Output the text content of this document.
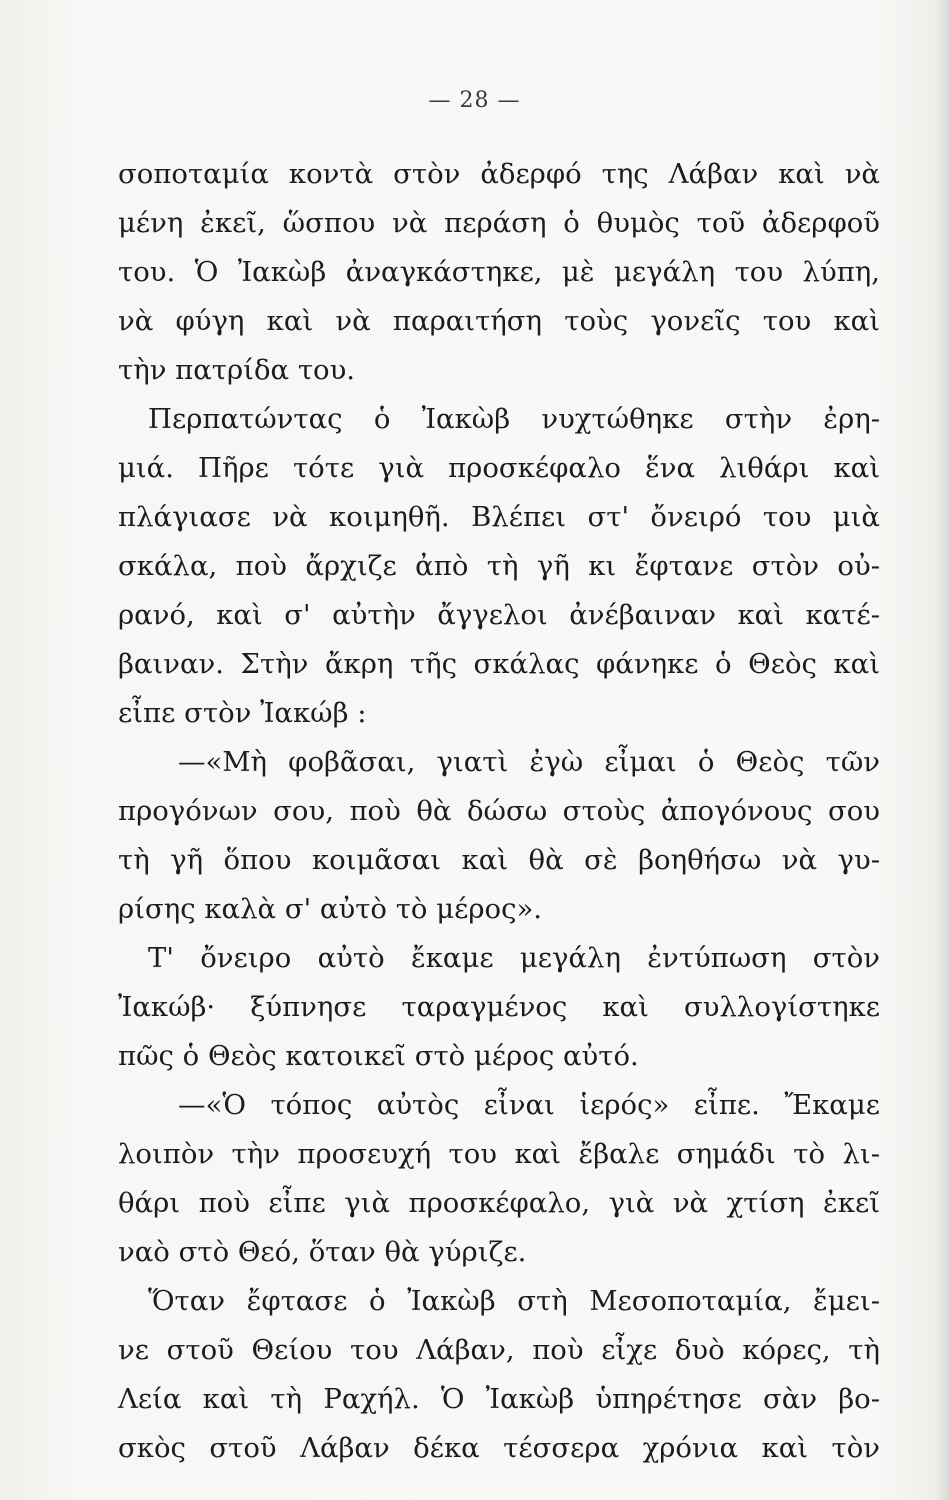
— 28 —
σοποταμία κοντὰ στὸν ἀδερφό της Λάβαν καὶ νὰ
μένη ἐκεῖ, ὥσπου νὰ περάση ὁ θυμὸς τοῦ ἀδερφοῦ
του. Ὁ Ἰακὼβ ἀναγκάστηκε, μὲ μεγάλη του λύπη,
νὰ φύγη καὶ νὰ παραιτήση τοὺς γονεῖς του καὶ
τὴν πατρίδα του.
Περπατώντας ὁ Ἰακὼβ νυχτώθηκε στὴν ἐρη-
μιά. Πῆρε τότε γιὰ προσκέφαλο ἕνα λιθάρι καὶ
πλάγιασε νὰ κοιμηθῆ. Βλέπει στ' ὄνειρό του μιὰ
σκάλα, ποὺ ἄρχιζε ἀπὸ τὴ γῆ κι ἔφτανε στὸν οὐ-
ρανό, καὶ σ' αὐτὴν ἄγγελοι ἀνέβαιναν καὶ κατέ-
βαιναν. Στὴν ἄκρη τῆς σκάλας φάνηκε ὁ Θεὸς καὶ
εἶπε στὸν Ἰακώβ :
—«Μὴ φοβᾶσαι, γιατὶ ἐγὼ εἶμαι ὁ Θεὸς τῶν
προγόνων σου, ποὺ θὰ δώσω στοὺς ἀπογόνους σου
τὴ γῆ ὅπου κοιμᾶσαι καὶ θὰ σὲ βοηθήσω νὰ γυ-
ρίσης καλὰ σ' αὐτὸ τὸ μέρος».
Τ' ὄνειρο αὐτὸ ἔκαμε μεγάλη ἐντύπωση στὸν
Ἰακώβ· ξύπνησε ταραγμένος καὶ συλλογίστηκε
πῶς ὁ Θεὸς κατοικεῖ στὸ μέρος αὐτό.
—«Ὁ τόπος αὐτὸς εἶναι ἱερός» εἶπε. Ἔκαμε
λοιπὸν τὴν προσευχή του καὶ ἔβαλε σημάδι τὸ λι-
θάρι ποὺ εἶπε γιὰ προσκέφαλο, γιὰ νὰ χτίση ἐκεῖ
ναὸ στὸ Θεό, ὅταν θὰ γύριζε.
Ὅταν ἔφτασε ὁ Ἰακὼβ στὴ Μεσοποταμία, ἔμει-
νε στοῦ Θείου του Λάβαν, ποὺ εἶχε δυὸ κόρες, τὴ
Λεία καὶ τὴ Ραχήλ. Ὁ Ἰακὼβ ὑπηρέτησε σὰν βο-
σκὸς στοῦ Λάβαν δέκα τέσσερα χρόνια καὶ τὸν
